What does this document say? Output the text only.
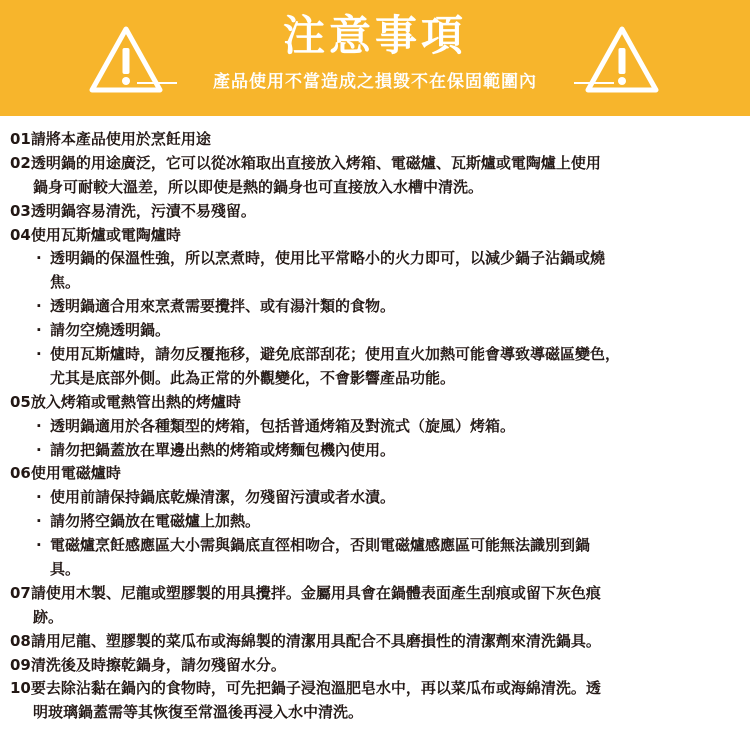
注意事項
產品使用不當造成之損毀不在保固範圍內
01請將本產品使用於烹飪用途
02透明鍋的用途廣泛，它可以從冰箱取出直接放入烤箱、電磁爐、瓦斯爐或電陶爐上使用
鍋身可耐較大溫差，所以即使是熱的鍋身也可直接放入水槽中清洗。
03透明鍋容易清洗，污漬不易殘留。
04使用瓦斯爐或電陶爐時
· 透明鍋的保溫性強，所以烹煮時，使用比平常略小的火力即可，以減少鍋子沾鍋或燒
焦。
· 透明鍋適合用來烹煮需要攪拌、或有湯汁類的食物。
· 請勿空燒透明鍋。
· 使用瓦斯爐時，請勿反覆拖移，避免底部刮花；使用直火加熱可能會導致導磁區變色，
尤其是底部外側。此為正常的外觀變化，不會影響產品功能。
05放入烤箱或電熱管出熱的烤爐時
· 透明鍋適用於各種類型的烤箱，包括普通烤箱及對流式（旋風）烤箱。
· 請勿把鍋蓋放在單邊出熱的烤箱或烤麵包機內使用。
06使用電磁爐時
· 使用前請保持鍋底乾燥清潔，勿殘留污漬或者水漬。
· 請勿將空鍋放在電磁爐上加熱。
· 電磁爐烹飪感應區大小需與鍋底直徑相吻合，否則電磁爐感應區可能無法識別到鍋
具。
07請使用木製、尼龍或塑膠製的用具攪拌。金屬用具會在鍋體表面產生刮痕或留下灰色痕
跡。
08請用尼龍、塑膠製的菜瓜布或海綿製的清潔用具配合不具磨損性的清潔劑來清洗鍋具。
09清洗後及時擦乾鍋身，請勿殘留水分。
10要去除沾黏在鍋內的食物時，可先把鍋子浸泡溫肥皂水中，再以菜瓜布或海綿清洗。透
明玻璃鍋蓋需等其恢復至常溫後再浸入水中清洗。
